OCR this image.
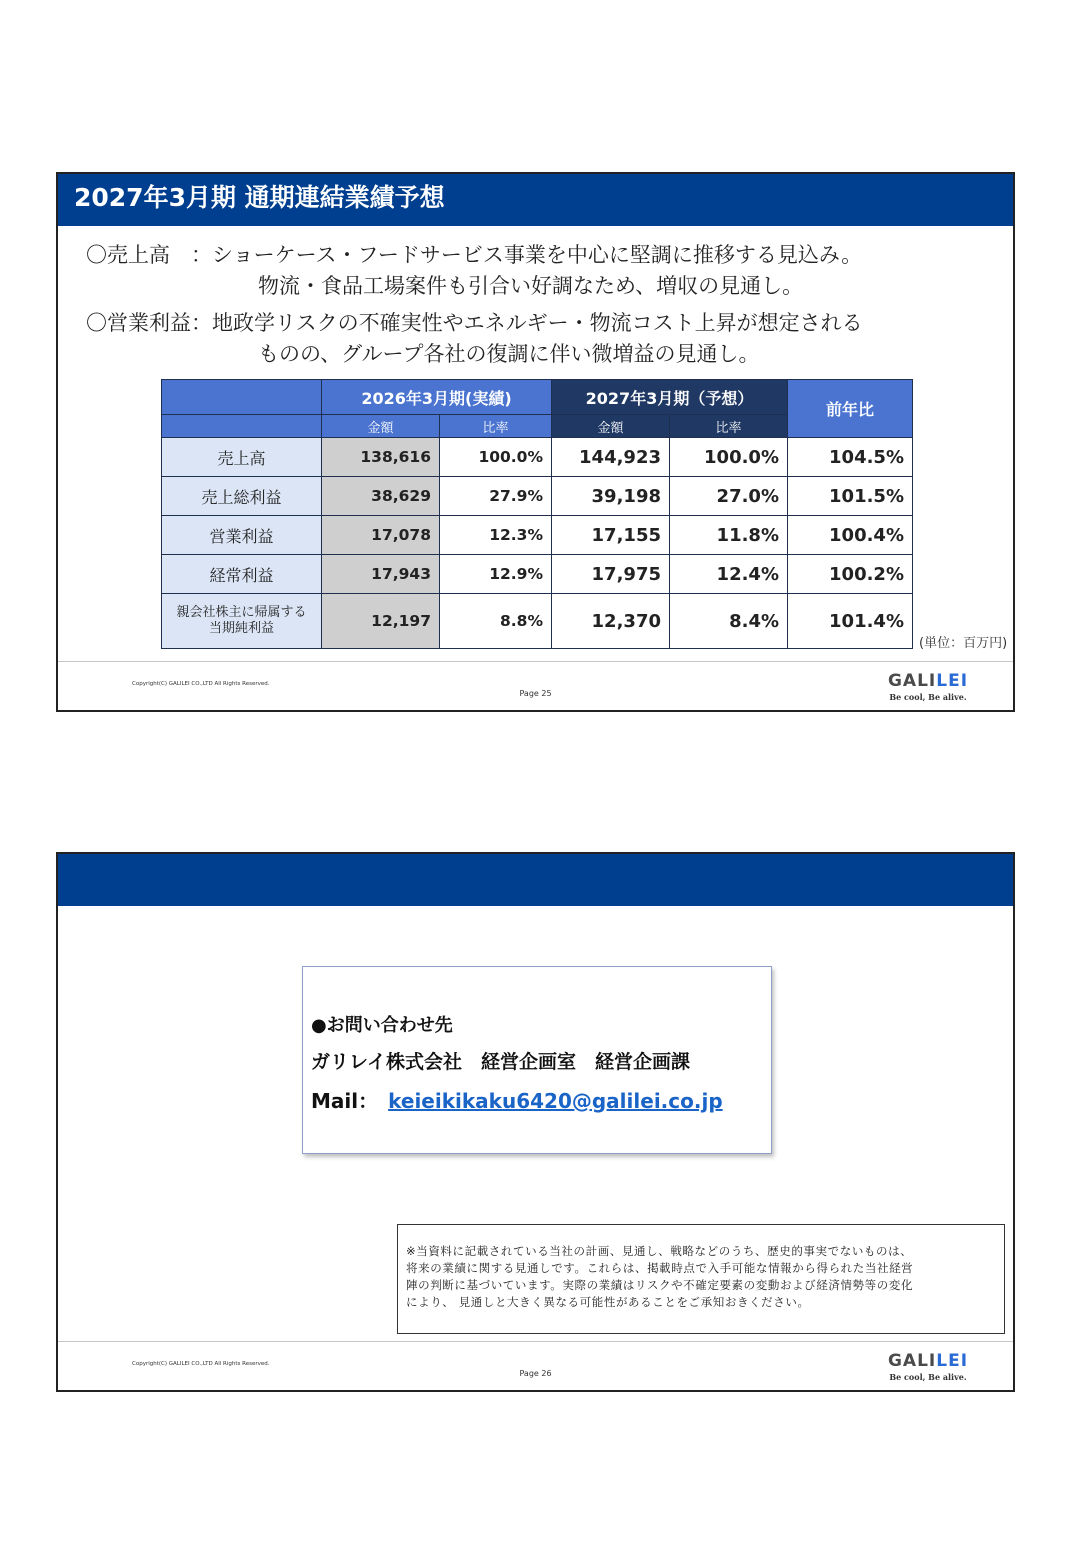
2027年3月期 通期連結業績予想
〇売上高　： ショーケース・フードサービス事業を中心に堅調に推移する見込み。
物流・食品工場案件も引合い好調なため、増収の見通し。
〇営業利益： 地政学リスクの不確実性やエネルギー・物流コスト上昇が想定される
ものの、グループ各社の復調に伴い微増益の見通し。
	2026年3月期(実績)		2027年3月期（予想）		前年比
	金額	比率	金額	比率	
売上高	138,616	100.0%	144,923	100.0%	104.5%
売上総利益	38,629	27.9%	39,198	27.0%	101.5%
営業利益	17,078	12.3%	17,155	11.8%	100.4%
経常利益	17,943	12.9%	17,975	12.4%	100.2%

親会社株主に帰属する
当期純利益	12,197	8.8%	12,370	8.4%	101.4%
(単位：百万円)
Copyright(C) GALILEI CO.,LTD All Rights Reserved.
Page 25
GALILEI
Be cool, Be alive.
●お問い合わせ先
ガリレイ株式会社　経営企画室　経営企画課
Mail： keieikikaku6420@galilei.co.jp
※当資料に記載されている当社の計画、見通し、戦略などのうち、歴史的事実でないものは、
将来の業績に関する見通しです。これらは、掲載時点で入手可能な情報から得られた当社経営
陣の判断に基づいています。実際の業績はリスクや不確定要素の変動および経済情勢等の変化
により、 見通しと大きく異なる可能性があることをご承知おきください。
Copyright(C) GALILEI CO.,LTD All Rights Reserved.
Page 26
GALILEI
Be cool, Be alive.
